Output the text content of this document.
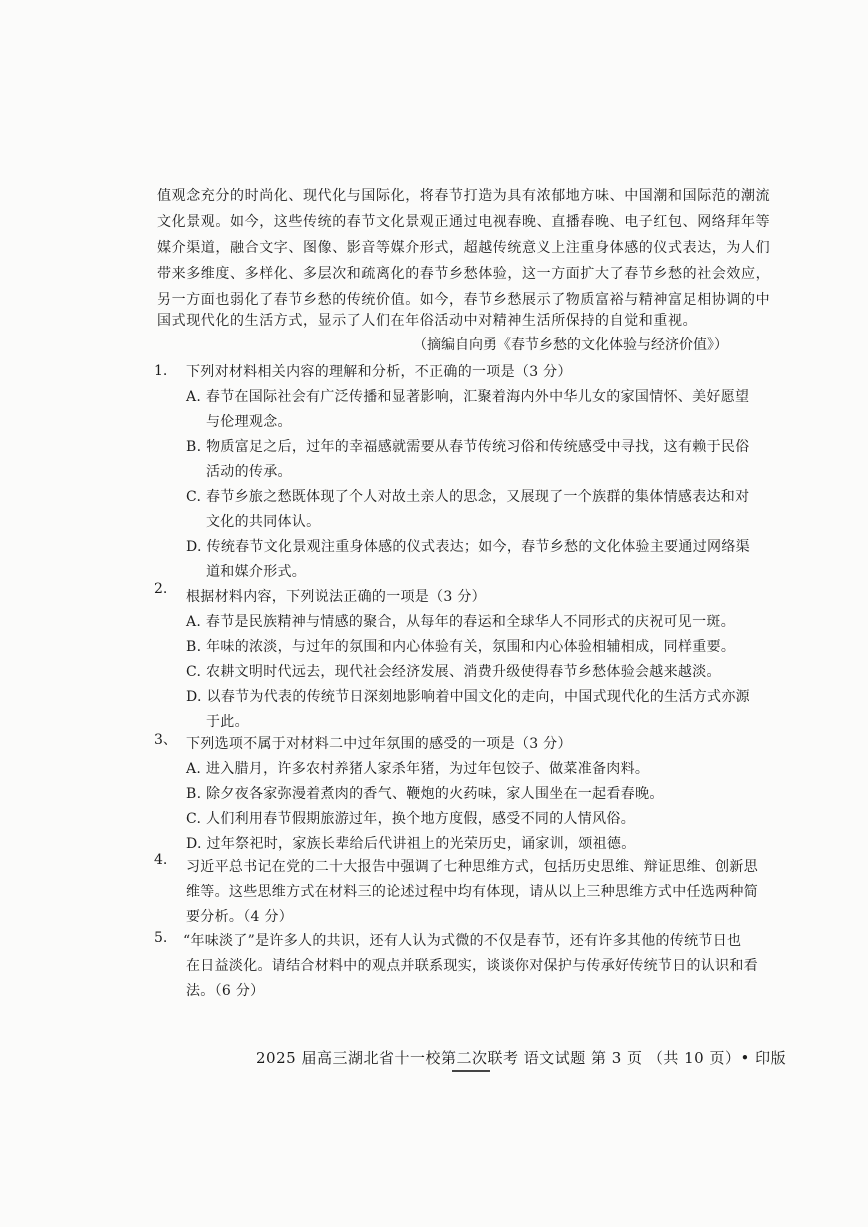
值观念充分的时尚化、现代化与国际化，将春节打造为具有浓郁地方味、中国潮和国际范的潮流
文化景观。如今，这些传统的春节文化景观正通过电视春晚、直播春晚、电子红包、网络拜年等
媒介渠道，融合文字、图像、影音等媒介形式，超越传统意义上注重身体感的仪式表达，为人们
带来多维度、多样化、多层次和疏离化的春节乡愁体验，这一方面扩大了春节乡愁的社会效应，
另一方面也弱化了春节乡愁的传统价值。如今，春节乡愁展示了物质富裕与精神富足相协调的中
国式现代化的生活方式，显示了人们在年俗活动中对精神生活所保持的自觉和重视。
（摘编自向勇《春节乡愁的文化体验与经济价值》）
1. 下列对材料相关内容的理解和分析，不正确的一项是（3 分）
A. 春节在国际社会有广泛传播和显著影响，汇聚着海内外中华儿女的家国情怀、美好愿望
与伦理观念。
B. 物质富足之后，过年的幸福感就需要从春节传统习俗和传统感受中寻找，这有赖于民俗
活动的传承。
C. 春节乡旅之愁既体现了个人对故土亲人的思念，又展现了一个族群的集体情感表达和对
文化的共同体认。
D. 传统春节文化景观注重身体感的仪式表达；如今，春节乡愁的文化体验主要通过网络渠
道和媒介形式。
2. 根据材料内容，下列说法正确的一项是（3 分）
A. 春节是民族精神与情感的聚合，从每年的春运和全球华人不同形式的庆祝可见一斑。
B. 年味的浓淡，与过年的氛围和内心体验有关，氛围和内心体验相辅相成，同样重要。
C. 农耕文明时代远去，现代社会经济发展、消费升级使得春节乡愁体验会越来越淡。
D. 以春节为代表的传统节日深刻地影响着中国文化的走向，中国式现代化的生活方式亦源
于此。
3、 下列选项不属于对材料二中过年氛围的感受的一项是（3 分）
A. 进入腊月，许多农村养猪人家杀年猪，为过年包饺子、做菜准备肉料。
B. 除夕夜各家弥漫着煮肉的香气、鞭炮的火药味，家人围坐在一起看春晚。
C. 人们利用春节假期旅游过年，换个地方度假，感受不同的人情风俗。
D. 过年祭祀时，家族长辈给后代讲祖上的光荣历史，诵家训，颂祖德。
4. 习近平总书记在党的二十大报告中强调了七种思维方式，包括历史思维、辩证思维、创新思
维等。这些思维方式在材料三的论述过程中均有体现，请从以上三种思维方式中任选两种简
要分析。（4 分）
5. “年味淡了”是许多人的共识，还有人认为式微的不仅是春节，还有许多其他的传统节日也
在日益淡化。请结合材料中的观点并联系现实，谈谈你对保护与传承好传统节日的认识和看
法。（6 分）
2025 届高三湖北省十一校第二次联考 语文试题 第 3 页 （共 10 页）• 印版
